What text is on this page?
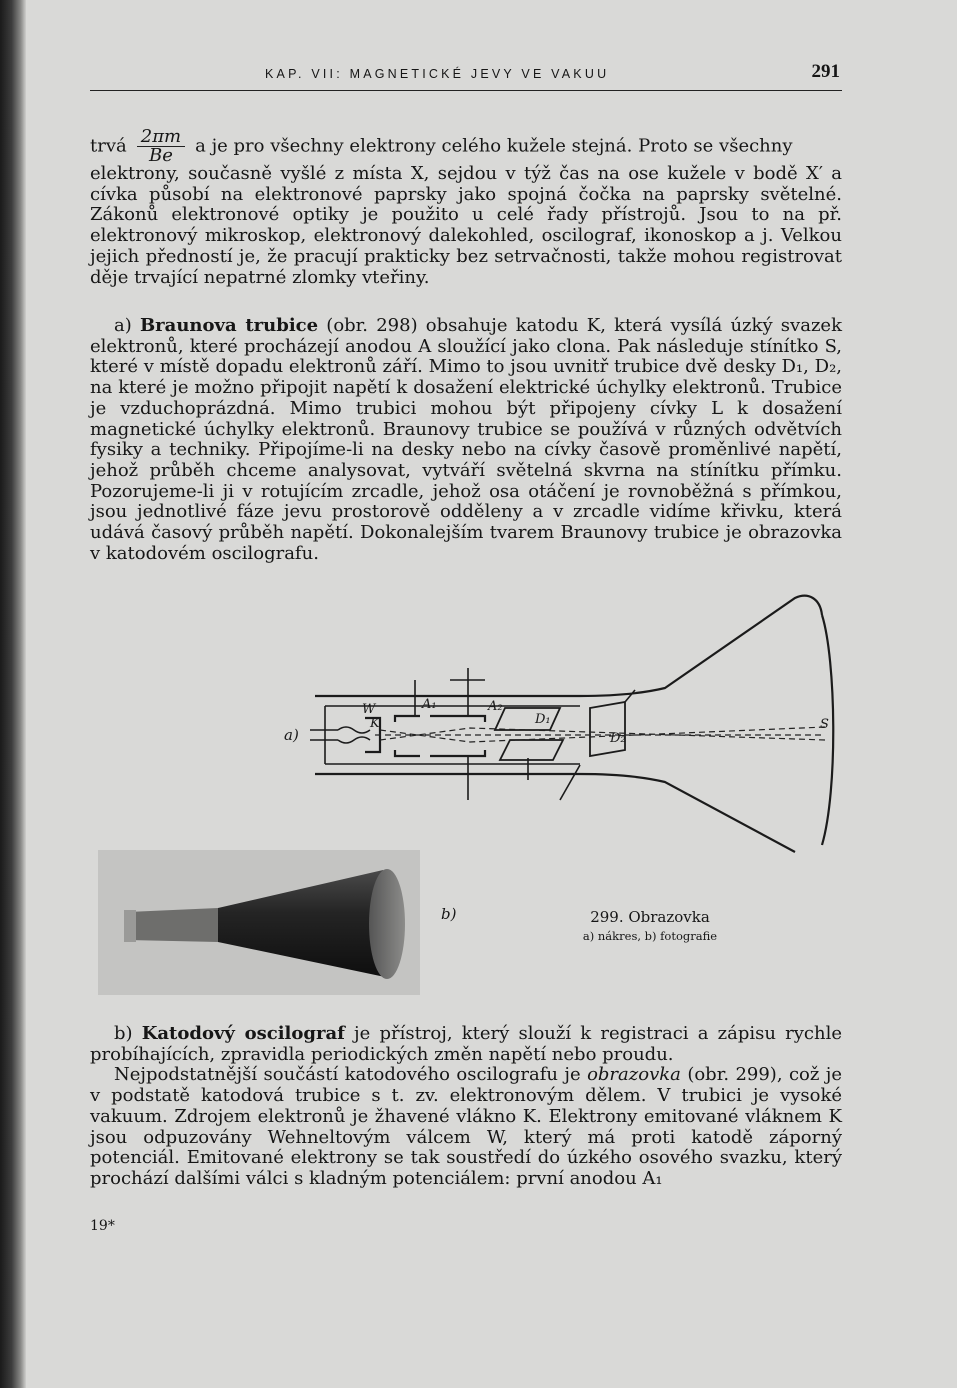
KAP. VII: MAGNETICKÉ JEVY VE VAKUU	291

trvá $\frac{2\pi m}{Be}$ a je pro všechny elektrony celého kužele stejná. Proto se všechny

elektrony, současně vyšlé z místa X, sejdou v týž čas na ose kužele v bodě X′ a cívka působí na elektronové paprsky jako spojná čočka na paprsky světelné. Zákonů elektronové optiky je použito u celé řady přístrojů. Jsou to na př. elektronový mikroskop, elektronový dalekohled, oscilograf, ikonoskop a j. Velkou jejich předností je, že pracují prakticky bez setrvačnosti, takže mohou registrovat děje trvající nepatrné zlomky vteřiny.

a) Braunova trubice (obr. 298) obsahuje katodu K, která vysílá úzký svazek elektronů, které procházejí anodou A sloužící jako clona. Pak následuje stínítko S, které v místě dopadu elektronů září. Mimo to jsou uvnitř trubice dvě desky D₁, D₂, na které je možno připojit napětí k dosažení elektrické úchylky elektronů. Trubice je vzduchoprázdná. Mimo trubici mohou být připojeny cívky L k dosažení magnetické úchylky elektronů. Braunovy trubice se používá v různých odvětvích fysiky a techniky. Připojíme-li na desky nebo na cívky časově proměnlivé napětí, jehož průběh chceme analysovat, vytváří světelná skvrna na stínítku přímku. Pozorujeme-li ji v rotujícím zrcadle, jehož osa otáčení je rovnoběžná s přímkou, jsou jednotlivé fáze jevu prostorově odděleny a v zrcadle vidíme křivku, která udává časový průběh napětí. Dokonalejším tvarem Braunovy trubice je obrazovka v katodovém oscilografu.

W
K
A₁	A₂
D₁
D₂
S
a)
b)	299. Obrazovka
a) nákres, b) fotografie

b) Katodový oscilograf je přístroj, který slouží k registraci a zápisu rychle probíhajících, zpravidla periodických změn napětí nebo proudu.

Nejpodstatnější součástí katodového oscilografu je obrazovka (obr. 299), což je v podstatě katodová trubice s t. zv. elektronovým dělem. V trubici je vysoké vakuum. Zdrojem elektronů je žhavené vlákno K. Elektrony emitované vláknem K jsou odpuzovány Wehneltovým válcem W, který má proti katodě záporný potenciál. Emitované elektrony se tak soustředí do úzkého osového svazku, který prochází dalšími válci s kladným potenciálem: první anodou A₁

19*
